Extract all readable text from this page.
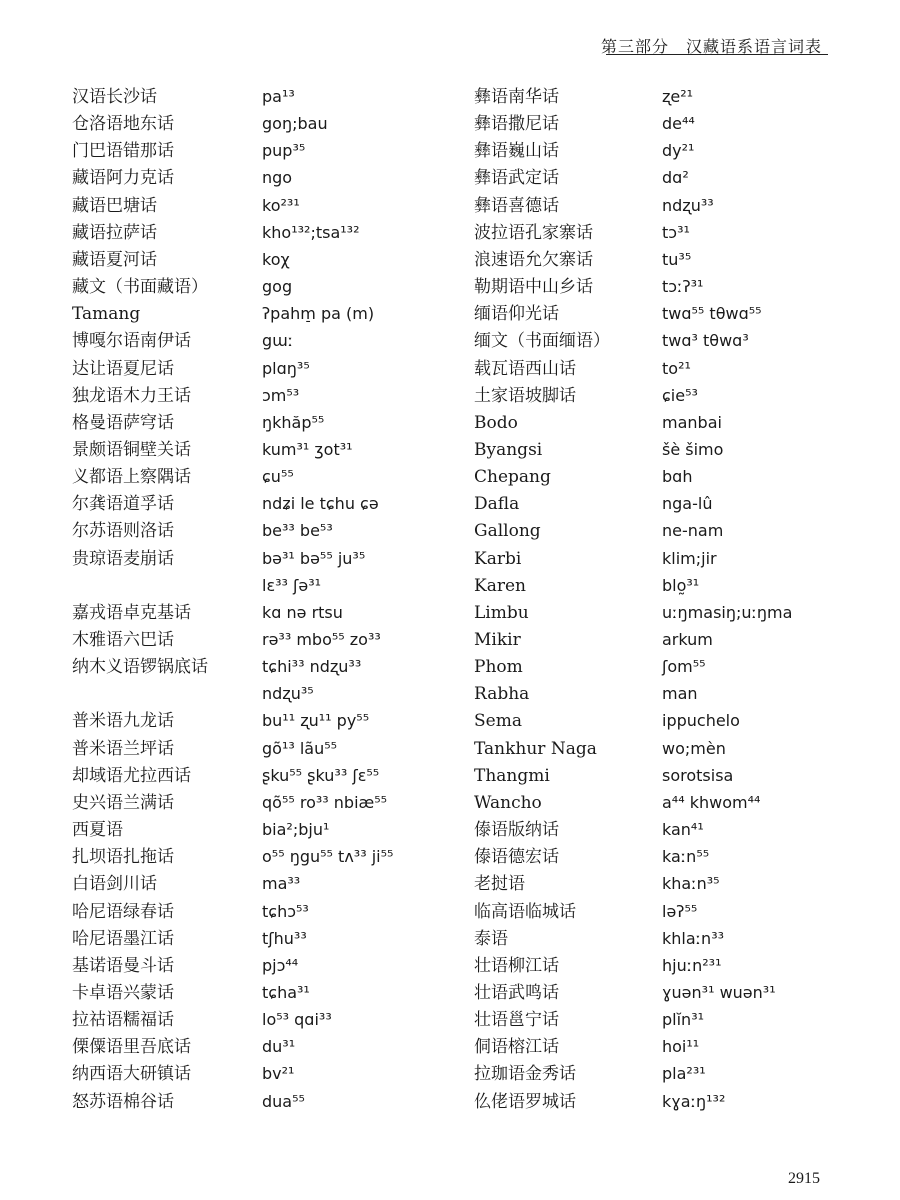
第三部分　汉藏语系语言词表
汉语长沙话	pa¹³
仓洛语地东话	goŋ;bau
门巴语错那话	pup³⁵
藏语阿力克话	ngo
藏语巴塘话	ko²³¹
藏语拉萨话	kho¹³²;tsa¹³²
藏语夏河话	koχ
藏文（书面藏语）	gog
Tamang	ʔpahm̠ pa (m)
博嘎尔语南伊话	gɯː
达让语夏尼话	plɑŋ³⁵
独龙语木力王话	ɔm⁵³
格曼语萨穹话	ŋkhăp⁵⁵
景颇语铜壁关话	kum³¹ ʒot³¹
义都语上察隅话	ɕu⁵⁵
尔龚语道孚话	ndʑi le tɕhu ɕə
尔苏语则洛话	be³³ be⁵³
贵琼语麦崩话	bə³¹ bə⁵⁵ ju³⁵
lɛ³³ ʃə³¹
嘉戎语卓克基话	kɑ nə rtsu
木雅语六巴话	rə³³ mbo⁵⁵ zo³³
纳木义语锣锅底话	tɕhi³³ ndʐu³³
ndʐu³⁵
普米语九龙话	bu¹¹ ʐu¹¹ py⁵⁵
普米语兰坪话	gõ¹³ lãu⁵⁵
却域语尤拉西话	ʂku⁵⁵ ʂku³³ ʃɛ⁵⁵
史兴语兰满话	qõ⁵⁵ ro³³ nbiæ⁵⁵
西夏语	bia²;bju¹
扎坝语扎拖话	o⁵⁵ ŋgu⁵⁵ tʌ³³ ji⁵⁵
白语剑川话	ma³³
哈尼语绿春话	tɕhɔ⁵³
哈尼语墨江话	tʃhu³³
基诺语曼斗话	pjɔ⁴⁴
卡卓语兴蒙话	tɕha³¹
拉祜语糯福话	lo⁵³ qɑi³³
傈僳语里吾底话	du³¹
纳西语大研镇话	bv²¹
怒苏语棉谷话	dua⁵⁵
彝语南华话	ʐe²¹
彝语撒尼话	de⁴⁴
彝语巍山话	dy²¹
彝语武定话	dɑ²
彝语喜德话	ndʐu³³
波拉语孔家寨话	tɔ³¹
浪速语允欠寨话	tu³⁵
勒期语中山乡话	tɔːʔ³¹
缅语仰光话	twɑ⁵⁵ tθwɑ⁵⁵
缅文（书面缅语）	twɑ³ tθwɑ³
载瓦语西山话	to²¹
土家语坡脚话	ɕie⁵³
Bodo	manbai
Byangsi	šè šimo
Chepang	bɑh
Dafla	nga-lû
Gallong	ne-nam
Karbi	klim;jir
Karen	blo̰³¹
Limbu	uːŋmasiŋ;uːŋma
Mikir	arkum
Phom	ʃom⁵⁵
Rabha	man
Sema	ippuchelo
Tankhur Naga	wo;mèn
Thangmi	sorotsisa
Wancho	a⁴⁴ khwom⁴⁴
傣语版纳话	kan⁴¹
傣语德宏话	kaːn⁵⁵
老挝语	khaːn³⁵
临高语临城话	ləʔ⁵⁵
泰语	khlaːn³³
壮语柳江话	hjuːn²³¹
壮语武鸣话	ɣuən³¹ wuən³¹
壮语邕宁话	plĭn³¹
侗语榕江话	hoi¹¹
拉珈语金秀话	pla²³¹
仫佬语罗城话	kɣaːŋ¹³²
2915
